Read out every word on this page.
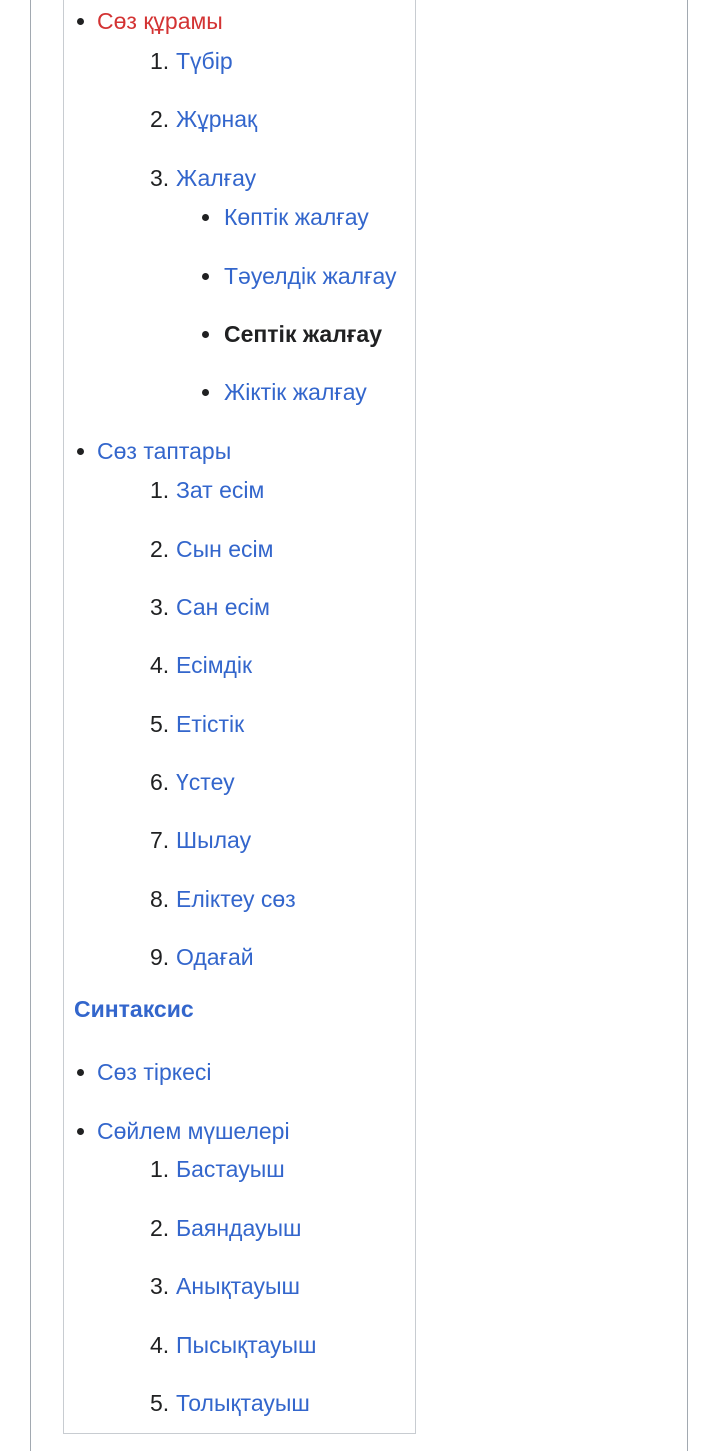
Сөз құрамы
1. Түбір
2. Жұрнақ
3. Жалғау
Көптік жалғау
Тәуелдік жалғау
Септік жалғау
Жіктік жалғау
Сөз таптары
1. Зат есім
2. Сын есім
3. Сан есім
4. Есімдік
5. Етістік
6. Үстеу
7. Шылау
8. Еліктеу сөз
9. Одағай
Синтаксис
Сөз тіркесі
Сөйлем мүшелері
1. Бастауыш
2. Баяндауыш
3. Анықтауыш
4. Пысықтауыш
5. Толықтауыш
